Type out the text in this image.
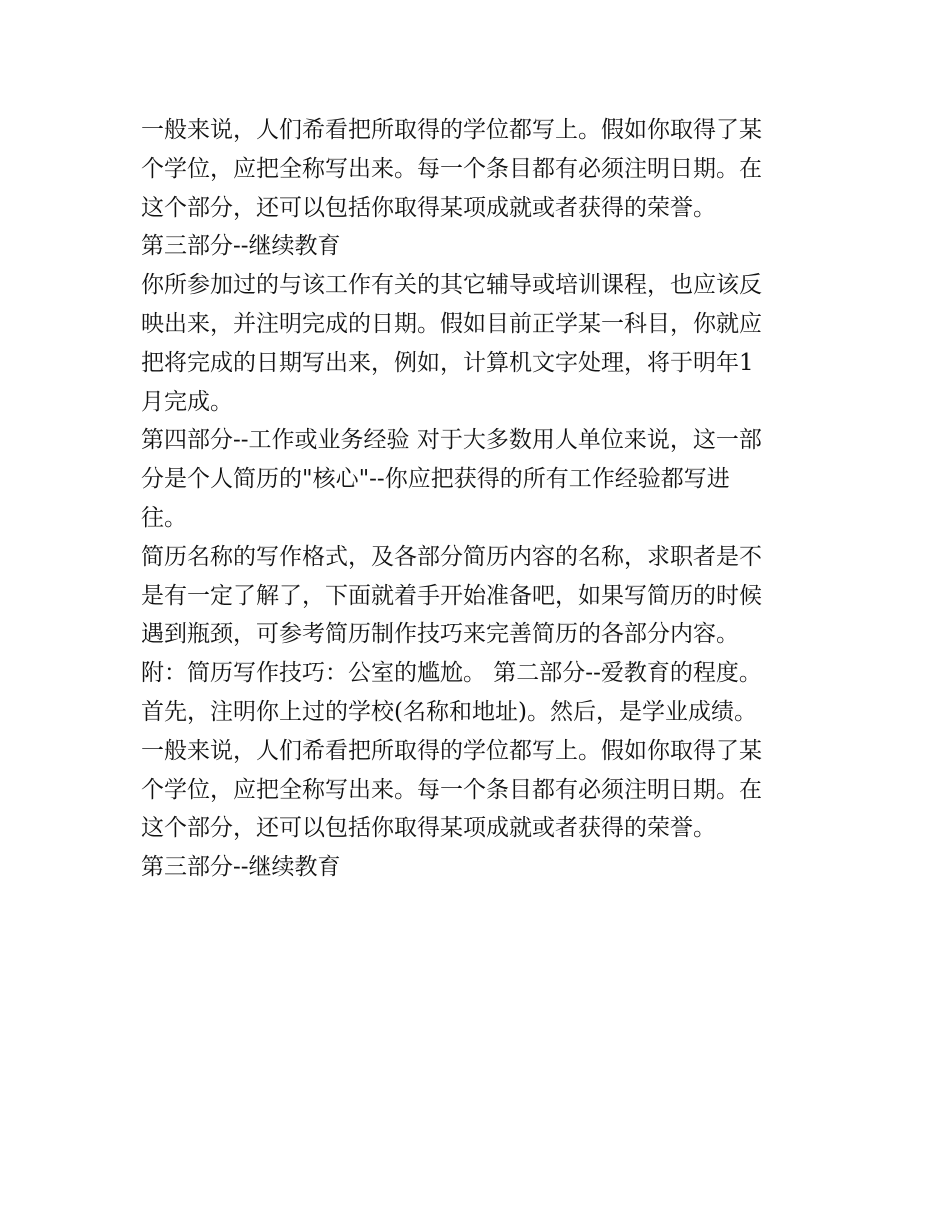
一般来说，人们希看把所取得的学位都写上。假如你取得了某
个学位，应把全称写出来。每一个条目都有必须注明日期。在
这个部分，还可以包括你取得某项成就或者获得的荣誉。
第三部分--继续教育
你所参加过的与该工作有关的其它辅导或培训课程，也应该反
映出来，并注明完成的日期。假如目前正学某一科目，你就应
把将完成的日期写出来，例如，计算机文字处理，将于明年1
月完成。
第四部分--工作或业务经验 对于大多数用人单位来说，这一部
分是个人简历的"核心"--你应把获得的所有工作经验都写进
往。
简历名称的写作格式，及各部分简历内容的名称，求职者是不
是有一定了解了，下面就着手开始准备吧，如果写简历的时候
遇到瓶颈，可参考简历制作技巧来完善简历的各部分内容。
附：简历写作技巧：公室的尴尬。 第二部分--爱教育的程度。
首先，注明你上过的学校(名称和地址)。然后，是学业成绩。
一般来说，人们希看把所取得的学位都写上。假如你取得了某
个学位，应把全称写出来。每一个条目都有必须注明日期。在
这个部分，还可以包括你取得某项成就或者获得的荣誉。
第三部分--继续教育
